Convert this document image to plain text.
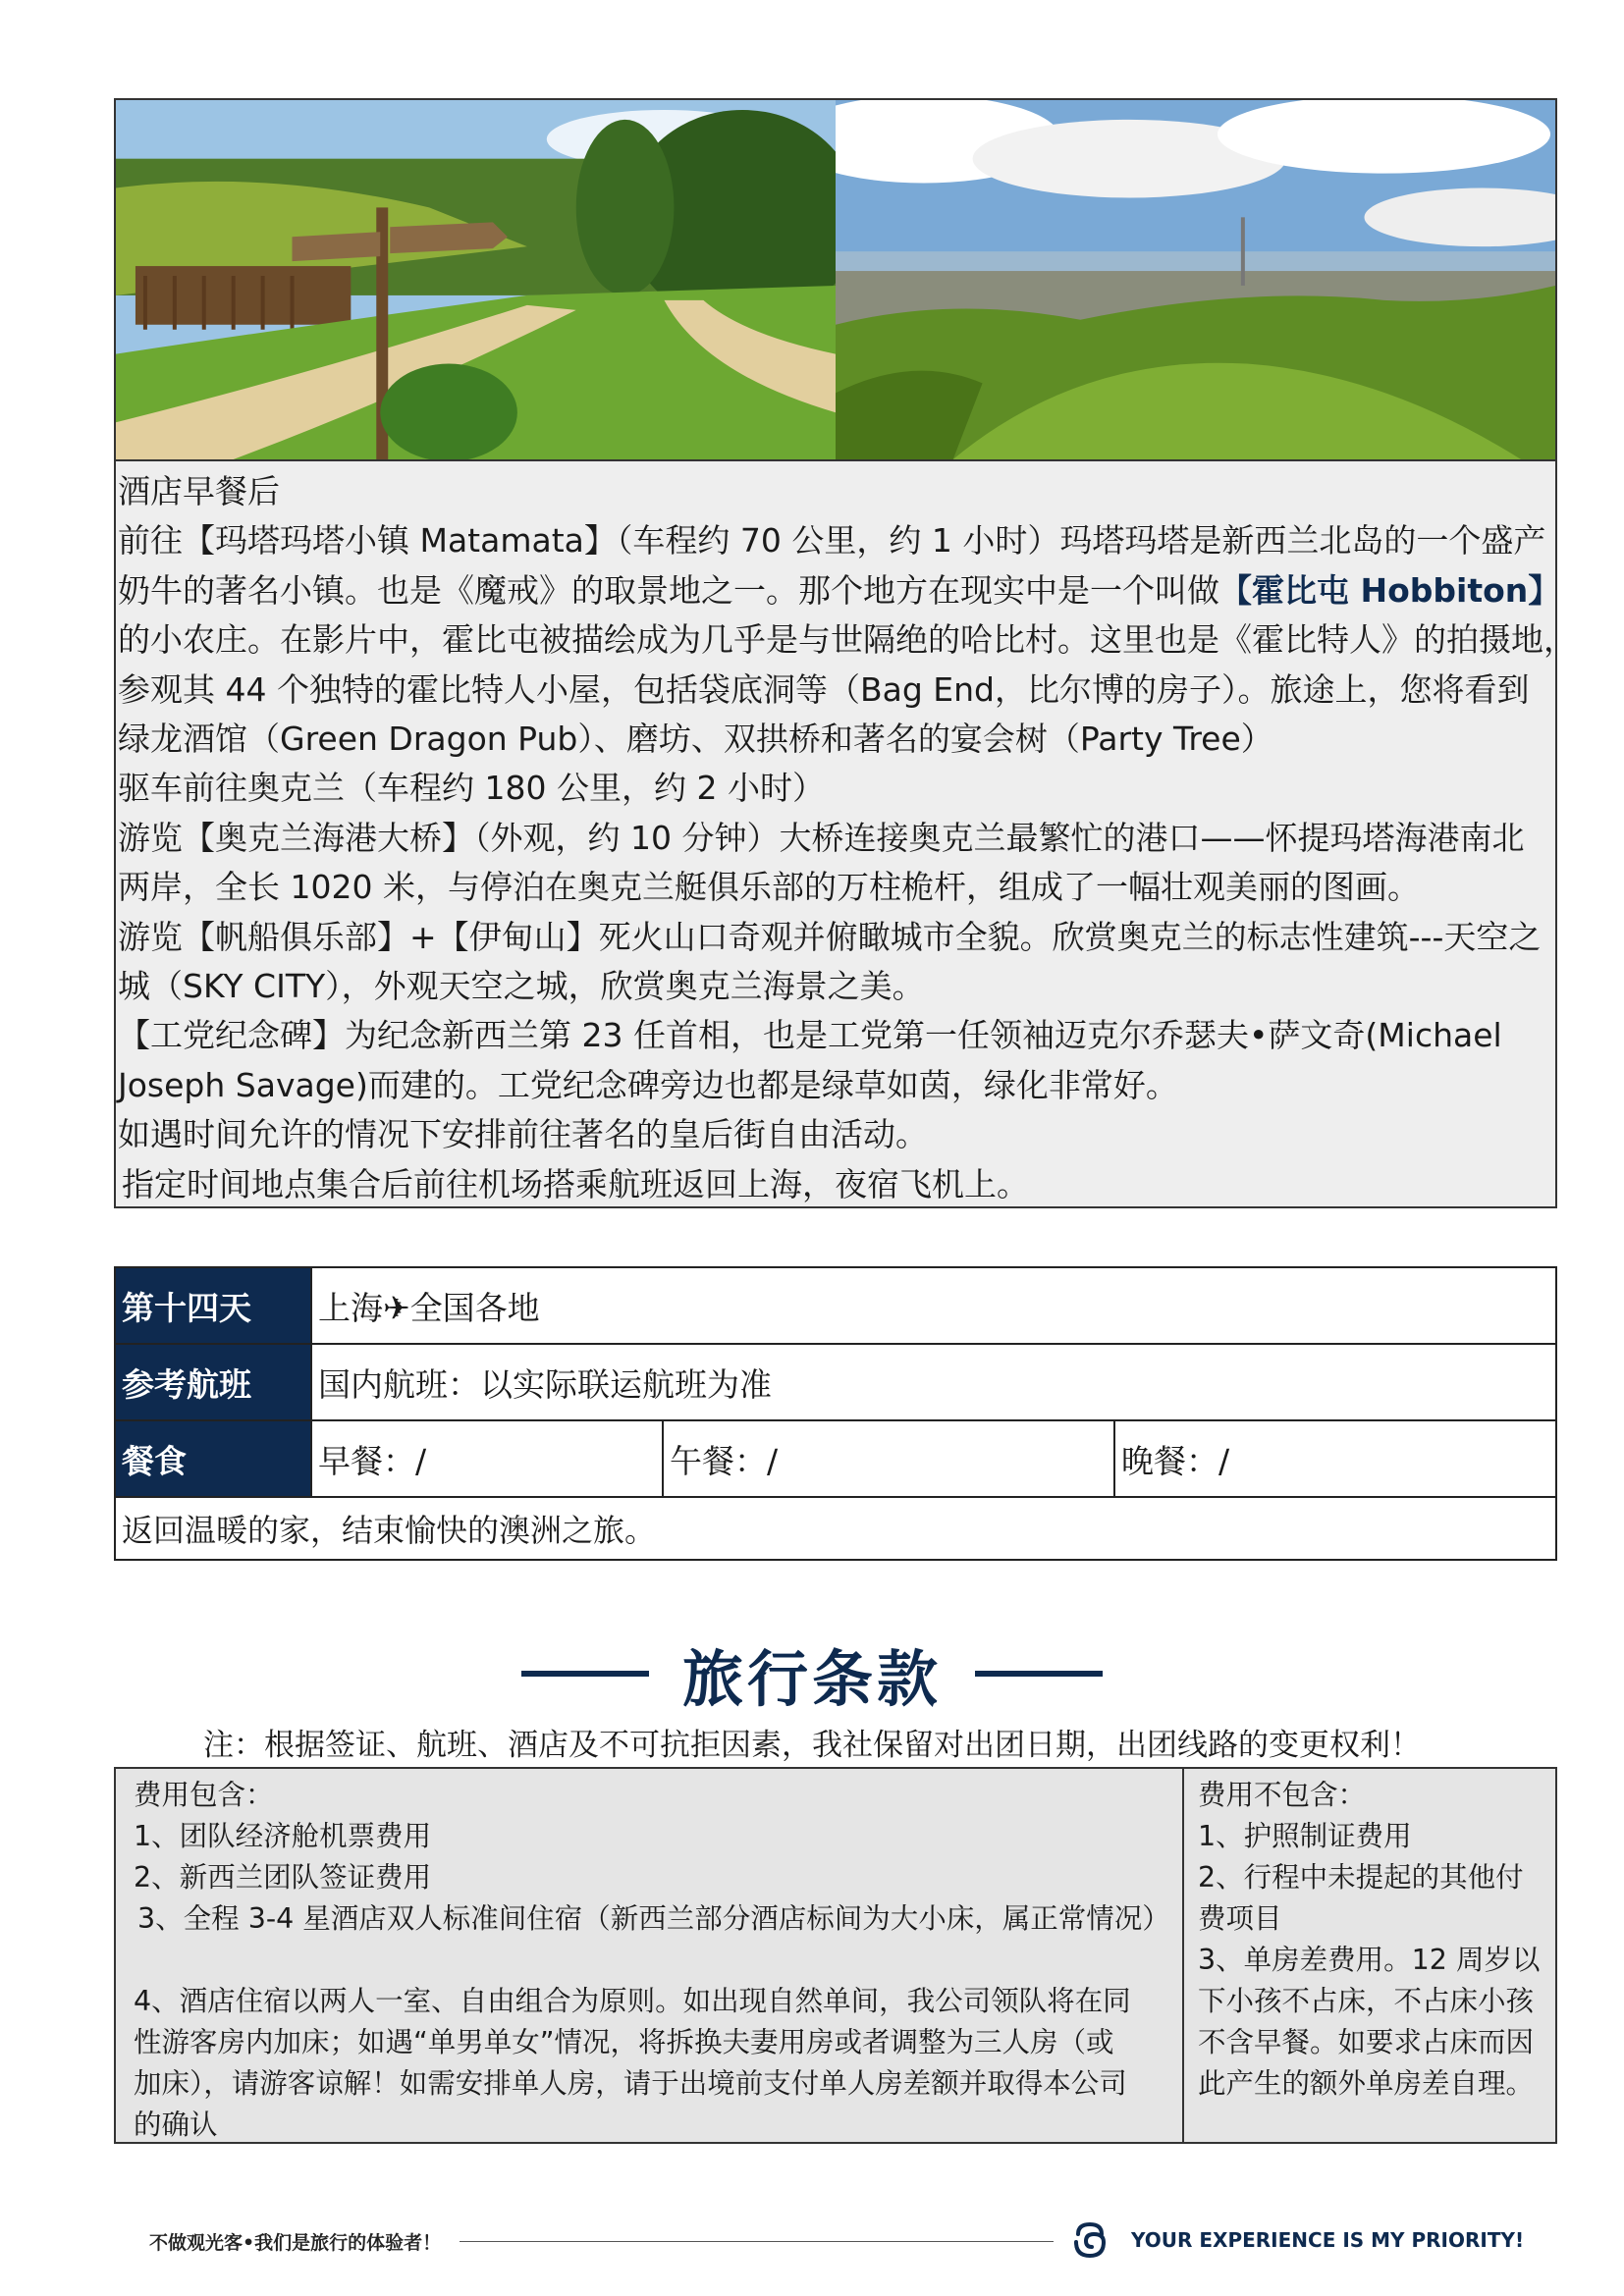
酒店早餐后

前往【玛塔玛塔小镇 Matamata】（车程约 70 公里，约 1 小时）玛塔玛塔是新西兰北岛的一个盛产

奶牛的著名小镇。也是《魔戒》的取景地之一。那个地方在现实中是一个叫做【霍比屯 Hobbiton】

的小农庄。在影片中，霍比屯被描绘成为几乎是与世隔绝的哈比村。这里也是《霍比特人》的拍摄地，

参观其 44 个独特的霍比特人小屋，包括袋底洞等（Bag End，比尔博的房子）。旅途上，您将看到

绿龙酒馆（Green Dragon Pub）、磨坊、双拱桥和著名的宴会树（Party Tree）

驱车前往奥克兰（车程约 180 公里，约 2 小时）

游览【奥克兰海港大桥】（外观，约 10 分钟）大桥连接奥克兰最繁忙的港口——怀提玛塔海港南北

两岸，全长 1020 米，与停泊在奥克兰艇俱乐部的万柱桅杆，组成了一幅壮观美丽的图画。

游览【帆船俱乐部】+【伊甸山】死火山口奇观并俯瞰城市全貌。欣赏奥克兰的标志性建筑---天空之

城（SKY CITY），外观天空之城，欣赏奥克兰海景之美。

【工党纪念碑】为纪念新西兰第 23 任首相，也是工党第一任领袖迈克尔乔瑟夫•萨文奇(Michael

Joseph Savage)而建的。工党纪念碑旁边也都是绿草如茵，绿化非常好。

如遇时间允许的情况下安排前往著名的皇后街自由活动。

指定时间地点集合后前往机场搭乘航班返回上海，夜宿飞机上。

第十四天	上海✈全国各地		
参考航班	国内航班：以实际联运航班为准		
餐食	早餐：/	午餐：/	晚餐：/
返回温暖的家，结束愉快的澳洲之旅。			
旅行条款
注：根据签证、航班、酒店及不可抗拒因素，我社保留对出团日期，出团线路的变更权利！

费用包含：

1、团队经济舱机票费用

2、新西兰团队签证费用

3、全程 3-4 星酒店双人标准间住宿（新西兰部分酒店标间为大小床，属正常情况）

4、酒店住宿以两人一室、自由组合为原则。如出现自然单间，我公司领队将在同

性游客房内加床；如遇“单男单女”情况，将拆换夫妻用房或者调整为三人房（或

加床），请游客谅解！如需安排单人房，请于出境前支付单人房差额并取得本公司

的确认

费用不包含：

1、护照制证费用

2、行程中未提起的其他付

费项目

3、单房差费用。12 周岁以

下小孩不占床，不占床小孩

不含早餐。如要求占床而因

此产生的额外单房差自理。

不做观光客•我们是旅行的体验者！	YOUR EXPERIENCE IS MY PRIORITY!
